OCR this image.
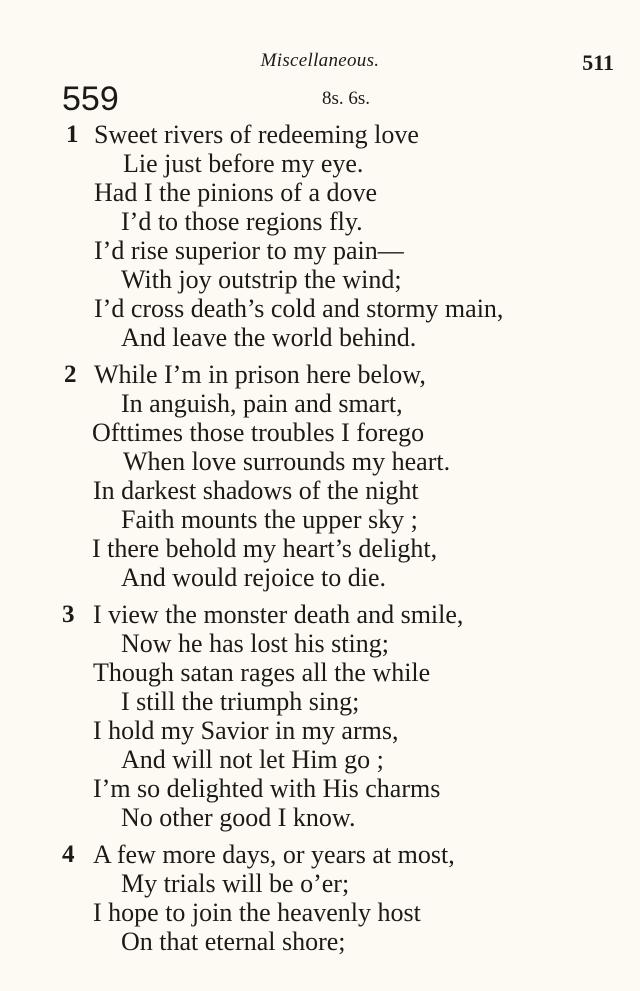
Miscellaneous.	511
559	8s. 6s.
1 Sweet rivers of redeeming love
Lie just before my eye.
Had I the pinions of a dove
I’d to those regions fly.
I’d rise superior to my pain—
With joy outstrip the wind;
I’d cross death’s cold and stormy main,
And leave the world behind.
2 While I’m in prison here below,
In anguish, pain and smart,
Ofttimes those troubles I forego
When love surrounds my heart.
In darkest shadows of the night
Faith mounts the upper sky ;
I there behold my heart’s delight,
And would rejoice to die.
3 I view the monster death and smile,
Now he has lost his sting;
Though satan rages all the while
I still the triumph sing;
I hold my Savior in my arms,
And will not let Him go ;
I’m so delighted with His charms
No other good I know.
4 A few more days, or years at most,
My trials will be o’er;
I hope to join the heavenly host
On that eternal shore;
